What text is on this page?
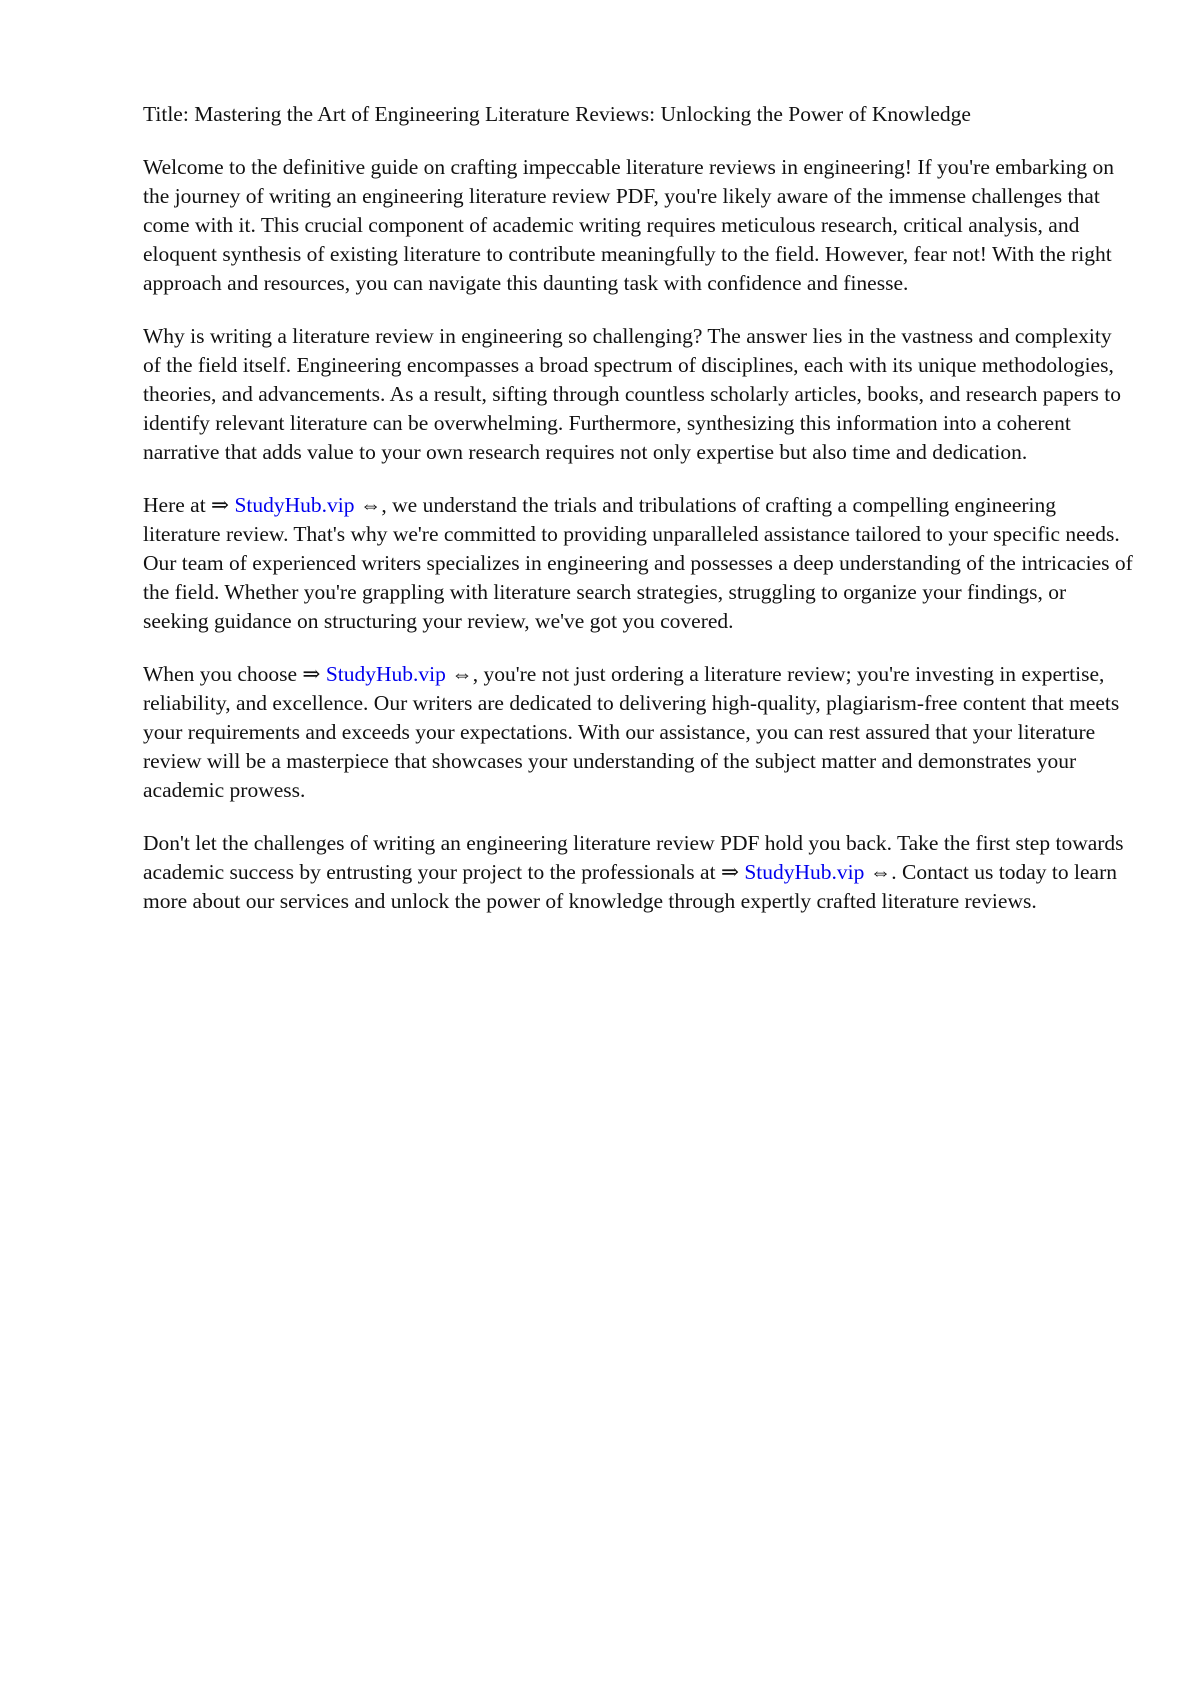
Title: Mastering the Art of Engineering Literature Reviews: Unlocking the Power of Knowledge

Welcome to the definitive guide on crafting impeccable literature reviews in engineering! If you're embarking on the journey of writing an engineering literature review PDF, you're likely aware of the immense challenges that come with it. This crucial component of academic writing requires meticulous research, critical analysis, and eloquent synthesis of existing literature to contribute meaningfully to the field. However, fear not! With the right approach and resources, you can navigate this daunting task with confidence and finesse.

Why is writing a literature review in engineering so challenging? The answer lies in the vastness and complexity of the field itself. Engineering encompasses a broad spectrum of disciplines, each with its unique methodologies, theories, and advancements. As a result, sifting through countless scholarly articles, books, and research papers to identify relevant literature can be overwhelming. Furthermore, synthesizing this information into a coherent narrative that adds value to your own research requires not only expertise but also time and dedication.

Here at ⇒ StudyHub.vip ⇔, we understand the trials and tribulations of crafting a compelling engineering literature review. That's why we're committed to providing unparalleled assistance tailored to your specific needs. Our team of experienced writers specializes in engineering and possesses a deep understanding of the intricacies of the field. Whether you're grappling with literature search strategies, struggling to organize your findings, or seeking guidance on structuring your review, we've got you covered.

When you choose ⇒ StudyHub.vip ⇔, you're not just ordering a literature review; you're investing in expertise, reliability, and excellence. Our writers are dedicated to delivering high-quality, plagiarism-free content that meets your requirements and exceeds your expectations. With our assistance, you can rest assured that your literature review will be a masterpiece that showcases your understanding of the subject matter and demonstrates your academic prowess.

Don't let the challenges of writing an engineering literature review PDF hold you back. Take the first step towards academic success by entrusting your project to the professionals at ⇒ StudyHub.vip ⇔. Contact us today to learn more about our services and unlock the power of knowledge through expertly crafted literature reviews.
